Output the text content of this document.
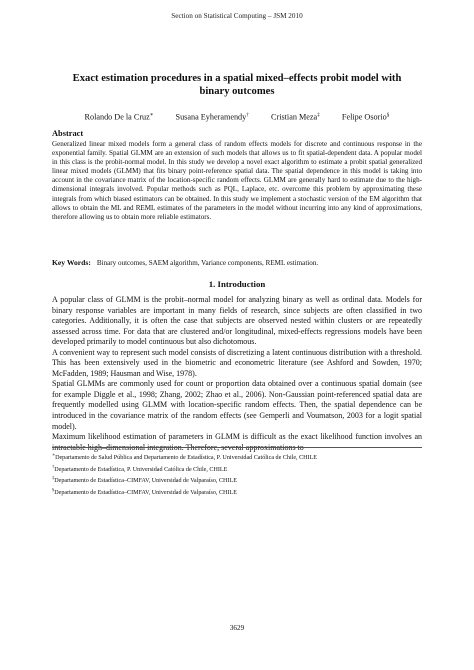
Section on Statistical Computing – JSM 2010
Exact estimation procedures in a spatial mixed–effects probit model with binary outcomes
Rolando De la Cruz∗	Susana Eyheramendy†	Cristian Meza‡	Felipe Osorio§
Abstract

Generalized linear mixed models form a general class of random effects models for discrete and continuous response in the exponential family. Spatial GLMM are an extension of such models that allows us to fit spatial-dependent data. A popular model in this class is the probit-normal model. In this study we develop a novel exact algorithm to estimate a probit spatial generalized linear mixed models (GLMM) that fits binary point-reference spatial data. The spatial dependence in this model is taking into account in the covariance matrix of the location-specific random effects. GLMM are generally hard to estimate due to the high-dimensional integrals involved. Popular methods such as PQL, Laplace, etc. overcome this problem by approximating these integrals from which biased estimators can be obtained. In this study we implement a stochastic version of the EM algorithm that allows to obtain the ML and REML estimates of the parameters in the model without incurring into any kind of approximations, therefore allowing us to obtain more reliable estimators.

Key Words: Binary outcomes, SAEM algorithm, Variance components, REML estimation.

1. Introduction

A popular class of GLMM is the probit–normal model for analyzing binary as well as ordinal data. Models for binary response variables are important in many fields of research, since subjects are often classified in two categories. Additionally, it is often the case that subjects are observed nested within clusters or are repeatedly assessed across time. For data that are clustered and/or longitudinal, mixed-effects regressions models have been developed primarily to model continuous but also dichotomous.

A convenient way to represent such model consists of discretizing a latent continuous distribution with a threshold. This has been extensively used in the biometric and econometric literature (see Ashford and Sowden, 1970; McFadden, 1989; Hausman and Wise, 1978).

Spatial GLMMs are commonly used for count or proportion data obtained over a continuous spatial domain (see for example Diggle et al., 1998; Zhang, 2002; Zhao et al., 2006). Non-Gaussian point-referenced spatial data are frequently modelled using GLMM with location-specific random effects. Then, the spatial dependence can be introduced in the covariance matrix of the random effects (see Gemperli and Voumatson, 2003 for a logit spatial model).

Maximum likelihood estimation of parameters in GLMM is difficult as the exact likelihood function involves an intractable high–dimensional integration. Therefore, several approximations to

∗Departamento de Salud Pública and Departamento de Estadística, P. Universidad Católica de Chile, CHILE
†Departamento de Estadística, P. Universidad Católica de Chile, CHILE
‡Departamento de Estadística–CIMFAV, Universidad de Valparaíso, CHILE
§Departamento de Estadística–CIMFAV, Universidad de Valparaíso, CHILE
3629
